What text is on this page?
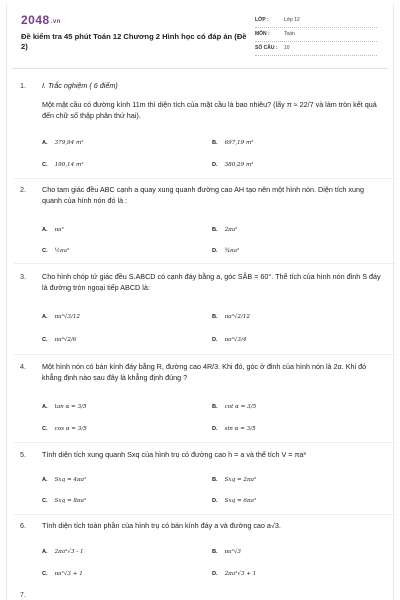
2048.vn
Đề kiểm tra 45 phút Toán 12 Chương 2 Hình học có đáp án (Đề 2)
LỚP :	Lớp 12
MÔN :	Toán
SỐ CÂU : 10
1.	I. Trắc nghiệm ( 6 điểm)
Một mặt cầu có đường kính 11m thì diện tích của mặt cầu là bao nhiêu? (lấy π ≈ 22/7 và làm tròn kết quả đến chữ số thập phân thứ hai).
A. 379,94 m²	B. 697,19 m²
C. 190,14 m²	D. 380,29 m²
2.	Cho tam giác đều ABC cạnh a quay xung quanh đường cao AH tạo nên một hình nón. Diện tích xung quanh của hình nón đó là :
A. πa²	B. 2πa²
C. ½πa²	D. ¾πa²
3.	Cho hình chóp tứ giác đều S.ABCD có cạnh đáy bằng a, góc SÂB = 60°. Thể tích của hình nón đỉnh S đáy là đường tròn ngoại tiếp ABCD là:
A. πa³√3/12	B. πa³√2/12
C. πa³√2/6	D. πa³√3/4
4.	Một hình nón có bán kính đáy bằng R, đường cao 4R/3. Khi đó, góc ở đỉnh của hình nón là 2α. Khi đó khẳng định nào sau đây là khẳng định đúng ?
A. tan α = 3/5	B. cot α = 3/5
C. cos α = 3/5	D. sin α = 3/5
5.	Tính diện tích xung quanh Sxq của hình trụ có đường cao h = a và thể tích V = πa³
A. Sxq = 4πa²	B. Sxq = 2πa²
C. Sxq = 8πa²	D. Sxq = 6πa²
6.	Tính diện tích toàn phần của hình trụ có bán kính đáy a và đường cao a√3.
A. 2πa²√3 - 1	B. πa²√3
C. πa²√3 + 1	D. 2πa²√3 + 1
7.
